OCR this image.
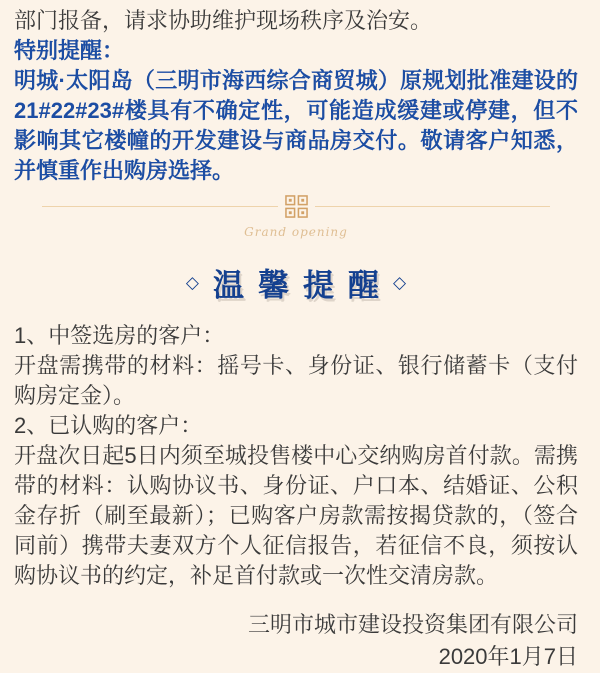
部门报备，请求协助维护现场秩序及治安。

特别提醒：

明城·太阳岛（三明市海西综合商贸城）原规划批准建设的21#22#23#楼具有不确定性，可能造成缓建或停建，但不影响其它楼幢的开发建设与商品房交付。敬请客户知悉，并慎重作出购房选择。

Grand opening
◇ 温馨提醒 ◇

1、中签选房的客户：

开盘需携带的材料：摇号卡、身份证、银行储蓄卡（支付购房定金）。

2、已认购的客户：

开盘次日起5日内须至城投售楼中心交纳购房首付款。需携带的材料：认购协议书、身份证、户口本、结婚证、公积金存折（刷至最新）；已购客户房款需按揭贷款的，（签合同前）携带夫妻双方个人征信报告，若征信不良，须按认购协议书的约定，补足首付款或一次性交清房款。

三明市城市建设投资集团有限公司

2020年1月7日
